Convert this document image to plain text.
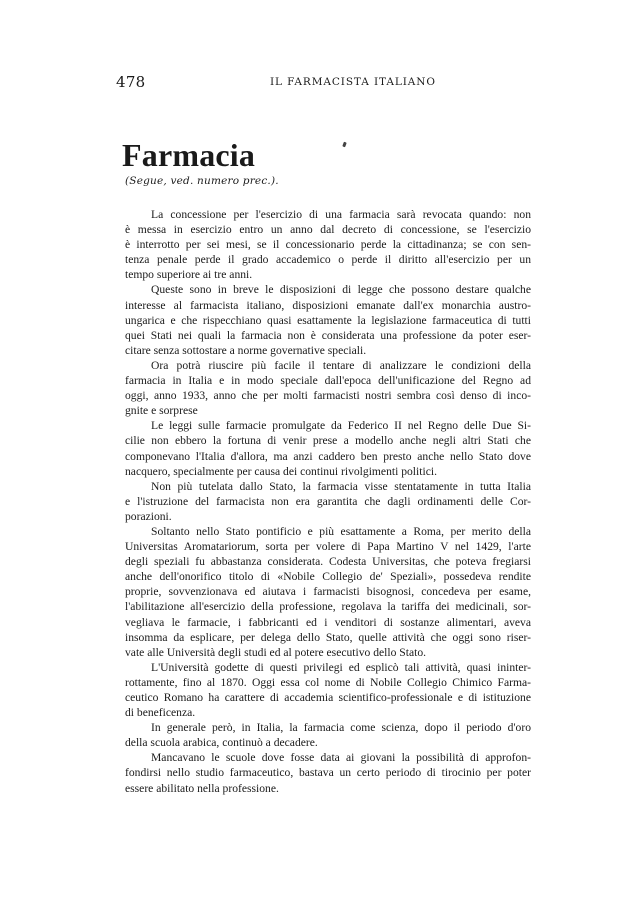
478	IL FARMACISTA ITALIANO
Farmacia
(Segue, ved. numero prec.).
La concessione per l'esercizio di una farmacia sarà revocata quando: non
è messa in esercizio entro un anno dal decreto di concessione, se l'esercizio
è interrotto per sei mesi, se il concessionario perde la cittadinanza; se con sen-
tenza penale perde il grado accademico o perde il diritto all'esercizio per un
tempo superiore ai tre anni.
Queste sono in breve le disposizioni di legge che possono destare qualche
interesse al farmacista italiano, disposizioni emanate dall'ex monarchia austro-
ungarica e che rispecchiano quasi esattamente la legislazione farmaceutica di tutti
quei Stati nei quali la farmacia non è considerata una professione da poter eser-
citare senza sottostare a norme governative speciali.
Ora potrà riuscire più facile il tentare di analizzare le condizioni della
farmacia in Italia e in modo speciale dall'epoca dell'unificazione del Regno ad
oggi, anno 1933, anno che per molti farmacisti nostri sembra così denso di inco-
gnite e sorprese
Le leggi sulle farmacie promulgate da Federico II nel Regno delle Due Si-
cilie non ebbero la fortuna di venir prese a modello anche negli altri Stati che
componevano l'Italia d'allora, ma anzi caddero ben presto anche nello Stato dove
nacquero, specialmente per causa dei continui rivolgimenti politici.
Non più tutelata dallo Stato, la farmacia visse stentatamente in tutta Italia
e l'istruzione del farmacista non era garantita che dagli ordinamenti delle Cor-
porazioni.
Soltanto nello Stato pontificio e più esattamente a Roma, per merito della
Universitas Aromatariorum, sorta per volere di Papa Martino V nel 1429, l'arte
degli speziali fu abbastanza considerata. Codesta Universitas, che poteva fregiarsi
anche dell'onorifico titolo di «Nobile Collegio de' Speziali», possedeva rendite
proprie, sovvenzionava ed aiutava i farmacisti bisognosi, concedeva per esame,
l'abilitazione all'esercizio della professione, regolava la tariffa dei medicinali, sor-
vegliava le farmacie, i fabbricanti ed i venditori di sostanze alimentari, aveva
insomma da esplicare, per delega dello Stato, quelle attività che oggi sono riser-
vate alle Università degli studi ed al potere esecutivo dello Stato.
L'Università godette di questi privilegi ed esplicò tali attività, quasi ininter-
rottamente, fino al 1870. Oggi essa col nome di Nobile Collegio Chimico Farma-
ceutico Romano ha carattere di accademia scientifico-professionale e di istituzione
di beneficenza.
In generale però, in Italia, la farmacia come scienza, dopo il periodo d'oro
della scuola arabica, continuò a decadere.
Mancavano le scuole dove fosse data ai giovani la possibilità di approfon-
fondirsi nello studio farmaceutico, bastava un certo periodo di tirocinio per poter
essere abilitato nella professione.
